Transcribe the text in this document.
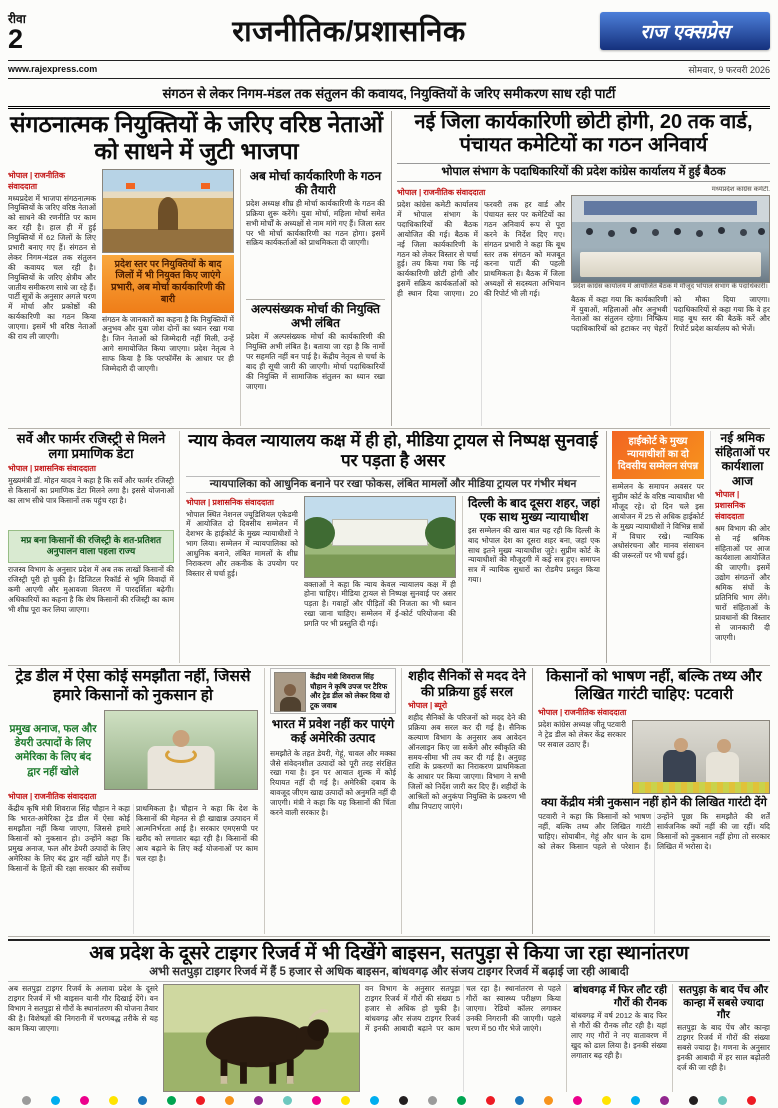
रीवा
2	राजनीतिक/प्रशासनिक	राज एक्सप्रेस
www.rajexpress.com	सोमवार, 9 फरवरी 2026
संगठन से लेकर निगम-मंडल तक संतुलन की कवायद, नियुक्तियों के जरिए समीकरण साध रही पार्टी
संगठनात्मक नियुक्तियों के जरिए वरिष्ठ नेताओं को साधने में जुटी भाजपा
भोपाल | राजनीतिक संवाददाता
मध्यप्रदेश में भाजपा संगठनात्मक नियुक्तियों के जरिए वरिष्ठ नेताओं को साधने की रणनीति पर काम कर रही है। हाल ही में हुई नियुक्तियों में 62 जिलों के लिए प्रभारी बनाए गए हैं। संगठन से लेकर निगम-मंडल तक संतुलन की कवायद चल रही है। नियुक्तियों के जरिए क्षेत्रीय और जातीय समीकरण साधे जा रहे हैं। पार्टी सूत्रों के अनुसार अगले चरण में मोर्चा और प्रकोष्ठों की कार्यकारिणी का गठन किया जाएगा। इसमें भी वरिष्ठ नेताओं की राय ली जाएगी।
प्रदेश स्तर पर नियुक्तियों के बाद जिलों में भी नियुक्त किए जाएंगे प्रभारी, अब मोर्चा कार्यकारिणी की बारी
संगठन के जानकारों का कहना है कि नियुक्तियों में अनुभव और युवा जोश दोनों का ध्यान रखा गया है। जिन नेताओं को जिम्मेदारी नहीं मिली, उन्हें आगे समायोजित किया जाएगा। प्रदेश नेतृत्व ने साफ किया है कि परफॉर्मेंस के आधार पर ही जिम्मेदारी दी जाएगी।
अब मोर्चा कार्यकारिणी के गठन की तैयारी
प्रदेश अध्यक्ष शीघ्र ही मोर्चा कार्यकारिणी के गठन की प्रक्रिया शुरू करेंगे। युवा मोर्चा, महिला मोर्चा समेत सभी मोर्चों के अध्यक्षों से नाम मांगे गए हैं। जिला स्तर पर भी मोर्चा कार्यकारिणी का गठन होगा। इसमें सक्रिय कार्यकर्ताओं को प्राथमिकता दी जाएगी।
अल्पसंख्यक मोर्चा की नियुक्ति अभी लंबित
प्रदेश में अल्पसंख्यक मोर्चा की कार्यकारिणी की नियुक्ति अभी लंबित है। बताया जा रहा है कि नामों पर सहमति नहीं बन पाई है। केंद्रीय नेतृत्व से चर्चा के बाद ही सूची जारी की जाएगी। मोर्चा पदाधिकारियों की नियुक्ति में सामाजिक संतुलन का ध्यान रखा जाएगा।
नई जिला कार्यकारिणी छोटी होगी, 20 तक वार्ड, पंचायत कमेटियों का गठन अनिवार्य
भोपाल संभाग के पदाधिकारियों की प्रदेश कांग्रेस कार्यालय में हुई बैठक
भोपाल | राजनीतिक संवाददाता
प्रदेश कांग्रेस कमेटी कार्यालय में भोपाल संभाग के पदाधिकारियों की बैठक आयोजित की गई। बैठक में नई जिला कार्यकारिणी के गठन को लेकर विस्तार से चर्चा हुई। तय किया गया कि नई कार्यकारिणी छोटी होगी और इसमें सक्रिय कार्यकर्ताओं को ही स्थान दिया जाएगा। 20 फरवरी तक हर वार्ड और पंचायत स्तर पर कमेटियों का गठन अनिवार्य रूप से पूरा करने के निर्देश दिए गए। संगठन प्रभारी ने कहा कि बूथ स्तर तक संगठन को मजबूत करना पार्टी की पहली प्राथमिकता है। बैठक में जिला अध्यक्षों से सदस्यता अभियान की रिपोर्ट भी ली गई।
मध्यप्रदेश कांग्रेस कमेटी.
प्रदेश कांग्रेस कार्यालय में आयोजित बैठक में मौजूद भोपाल संभाग के पदाधिकारी।
बैठक में कहा गया कि कार्यकारिणी में युवाओं, महिलाओं और अनुभवी नेताओं का संतुलन रहेगा। निष्क्रिय पदाधिकारियों को हटाकर नए चेहरों को मौका दिया जाएगा। पदाधिकारियों से कहा गया कि वे हर माह बूथ स्तर की बैठकें करें और रिपोर्ट प्रदेश कार्यालय को भेजें।
सर्वे और फार्मर रजिस्ट्री से मिलने लगा प्रमाणिक डेटा
भोपाल | प्रशासनिक संवाददाता
मुख्यमंत्री डॉ. मोहन यादव ने कहा है कि सर्वे और फार्मर रजिस्ट्री से किसानों का प्रमाणिक डेटा मिलने लगा है। इससे योजनाओं का लाभ सीधे पात्र किसानों तक पहुंच रहा है।
मप्र बना किसानों की रजिस्ट्री के शत-प्रतिशत अनुपालन वाला पहला राज्य
राजस्व विभाग के अनुसार प्रदेश में अब तक लाखों किसानों की रजिस्ट्री पूरी हो चुकी है। डिजिटल रिकॉर्ड से भूमि विवादों में कमी आएगी और मुआवजा वितरण में पारदर्शिता बढ़ेगी। अधिकारियों का कहना है कि शेष किसानों की रजिस्ट्री का काम भी शीघ्र पूरा कर लिया जाएगा।
न्याय केवल न्यायालय कक्ष में ही हो, मीडिया ट्रायल से निष्पक्ष सुनवाई पर पड़ता है असर
न्यायपालिका को आधुनिक बनाने पर रखा फोकस, लंबित मामलों और मीडिया ट्रायल पर गंभीर मंथन
भोपाल | प्रशासनिक संवाददाता
भोपाल स्थित नेशनल ज्यूडिशियल एकेडमी में आयोजित दो दिवसीय सम्मेलन में देशभर के हाईकोर्ट के मुख्य न्यायाधीशों ने भाग लिया। सम्मेलन में न्यायपालिका को आधुनिक बनाने, लंबित मामलों के शीघ्र निराकरण और तकनीक के उपयोग पर विस्तार से चर्चा हुई।
वक्ताओं ने कहा कि न्याय केवल न्यायालय कक्ष में ही होना चाहिए। मीडिया ट्रायल से निष्पक्ष सुनवाई पर असर पड़ता है। गवाहों और पीड़ितों की निजता का भी ध्यान रखा जाना चाहिए। सम्मेलन में ई-कोर्ट परियोजना की प्रगति पर भी प्रस्तुति दी गई।
दिल्ली के बाद दूसरा शहर, जहां एक साथ मुख्य न्यायाधीश
इस सम्मेलन की खास बात यह रही कि दिल्ली के बाद भोपाल देश का दूसरा शहर बना, जहां एक साथ इतने मुख्य न्यायाधीश जुटे। सुप्रीम कोर्ट के न्यायाधीशों की मौजूदगी में कई सत्र हुए। समापन सत्र में न्यायिक सुधारों का रोडमैप प्रस्तुत किया गया।
हाईकोर्ट के मुख्य न्यायाधीशों का दो दिवसीय सम्मेलन संपन्न
सम्मेलन के समापन अवसर पर सुप्रीम कोर्ट के वरिष्ठ न्यायाधीश भी मौजूद रहे। दो दिन चले इस आयोजन में 25 से अधिक हाईकोर्ट के मुख्य न्यायाधीशों ने विभिन्न सत्रों में विचार रखे। न्यायिक अधोसंरचना और मानव संसाधन की जरूरतों पर भी चर्चा हुई।
नई श्रमिक संहिताओं पर कार्यशाला आज
भोपाल | प्रशासनिक संवाददाता
श्रम विभाग की ओर से नई श्रमिक संहिताओं पर आज कार्यशाला आयोजित की जाएगी। इसमें उद्योग संगठनों और श्रमिक संघों के प्रतिनिधि भाग लेंगे। चारों संहिताओं के प्रावधानों की विस्तार से जानकारी दी जाएगी।
ट्रेड डील में ऐसा कोई समझौता नहीं, जिससे हमारे किसानों को नुकसान हो
प्रमुख अनाज, फल और डेयरी उत्पादों के लिए अमेरिका के लिए बंद द्वार नहीं खोले
भोपाल | राजनीतिक संवाददाता
केंद्रीय कृषि मंत्री शिवराज सिंह चौहान ने कहा कि भारत-अमेरिका ट्रेड डील में ऐसा कोई समझौता नहीं किया जाएगा, जिससे हमारे किसानों को नुकसान हो। उन्होंने कहा कि प्रमुख अनाज, फल और डेयरी उत्पादों के लिए अमेरिका के लिए बंद द्वार नहीं खोले गए हैं। किसानों के हितों की रक्षा सरकार की सर्वोच्च प्राथमिकता है। चौहान ने कहा कि देश के किसानों की मेहनत से ही खाद्यान्न उत्पादन में आत्मनिर्भरता आई है। सरकार एमएसपी पर खरीद को लगातार बढ़ा रही है। किसानों की आय बढ़ाने के लिए कई योजनाओं पर काम चल रहा है।
केंद्रीय मंत्री शिवराज सिंह चौहान ने कृषि उपज पर टैरिफ और ट्रेड डील को लेकर दिया दो टूक जवाब
भारत में प्रवेश नहीं कर पाएंगे कई अमेरिकी उत्पाद
समझौते के तहत डेयरी, गेहूं, चावल और मक्का जैसे संवेदनशील उत्पादों को पूरी तरह संरक्षित रखा गया है। इन पर आयात शुल्क में कोई रियायत नहीं दी गई है। अमेरिकी दबाव के बावजूद जीएम खाद्य उत्पादों को अनुमति नहीं दी जाएगी। मंत्री ने कहा कि यह किसानों की चिंता करने वाली सरकार है।
शहीद सैनिकों से मदद देने की प्रक्रिया हुई सरल
भोपाल | ब्यूरो
शहीद सैनिकों के परिजनों को मदद देने की प्रक्रिया अब सरल कर दी गई है। सैनिक कल्याण विभाग के अनुसार अब आवेदन ऑनलाइन किए जा सकेंगे और स्वीकृति की समय-सीमा भी तय कर दी गई है। अनुग्रह राशि के प्रकरणों का निराकरण प्राथमिकता के आधार पर किया जाएगा। विभाग ने सभी जिलों को निर्देश जारी कर दिए हैं। शहीदों के आश्रितों को अनुकंपा नियुक्ति के प्रकरण भी शीघ्र निपटाए जाएंगे।
किसानों को भाषण नहीं, बल्कि तथ्य और लिखित गारंटी चाहिए: पटवारी
भोपाल | राजनीतिक संवाददाता
प्रदेश कांग्रेस अध्यक्ष जीतू पटवारी ने ट्रेड डील को लेकर केंद्र सरकार पर सवाल उठाए हैं।
क्या केंद्रीय मंत्री नुकसान नहीं होने की लिखित गारंटी देंगे
पटवारी ने कहा कि किसानों को भाषण नहीं, बल्कि तथ्य और लिखित गारंटी चाहिए। सोयाबीन, गेहूं और धान के दाम को लेकर किसान पहले से परेशान हैं। उन्होंने पूछा कि समझौते की शर्तें सार्वजनिक क्यों नहीं की जा रहीं। यदि किसानों को नुकसान नहीं होगा तो सरकार लिखित में भरोसा दे।
अब प्रदेश के दूसरे टाइगर रिजर्व में भी दिखेंगे बाइसन, सतपुड़ा से किया जा रहा स्थानांतरण
अभी सतपुड़ा टाइगर रिजर्व में हैं 5 हजार से अधिक बाइसन, बांधवगढ़ और संजय टाइगर रिजर्व में बढ़ाई जा रही आबादी
अब सतपुड़ा टाइगर रिजर्व के अलावा प्रदेश के दूसरे टाइगर रिजर्व में भी बाइसन यानी गौर दिखाई देंगे। वन विभाग ने सतपुड़ा से गौरों के स्थानांतरण की योजना तैयार की है। विशेषज्ञों की निगरानी में चरणबद्ध तरीके से यह काम किया जाएगा।
वन विभाग के अनुसार सतपुड़ा टाइगर रिजर्व में गौरों की संख्या 5 हजार से अधिक हो चुकी है। बांधवगढ़ और संजय टाइगर रिजर्व में इनकी आबादी बढ़ाने पर काम चल रहा है। स्थानांतरण से पहले गौरों का स्वास्थ्य परीक्षण किया जाएगा। रेडियो कॉलर लगाकर उनकी निगरानी की जाएगी। पहले चरण में 50 गौर भेजे जाएंगे।
बांधवगढ़ में फिर लौट रही गौरों की रौनक
बांधवगढ़ में वर्ष 2012 के बाद फिर से गौरों की रौनक लौट रही है। यहां लाए गए गौरों ने नए वातावरण में खुद को ढाल लिया है। इनकी संख्या लगातार बढ़ रही है।
सतपुड़ा के बाद पेंच और कान्हा में सबसे ज्यादा गौर
सतपुड़ा के बाद पेंच और कान्हा टाइगर रिजर्व में गौरों की संख्या सबसे ज्यादा है। गणना के अनुसार इनकी आबादी में हर साल बढ़ोतरी दर्ज की जा रही है।
